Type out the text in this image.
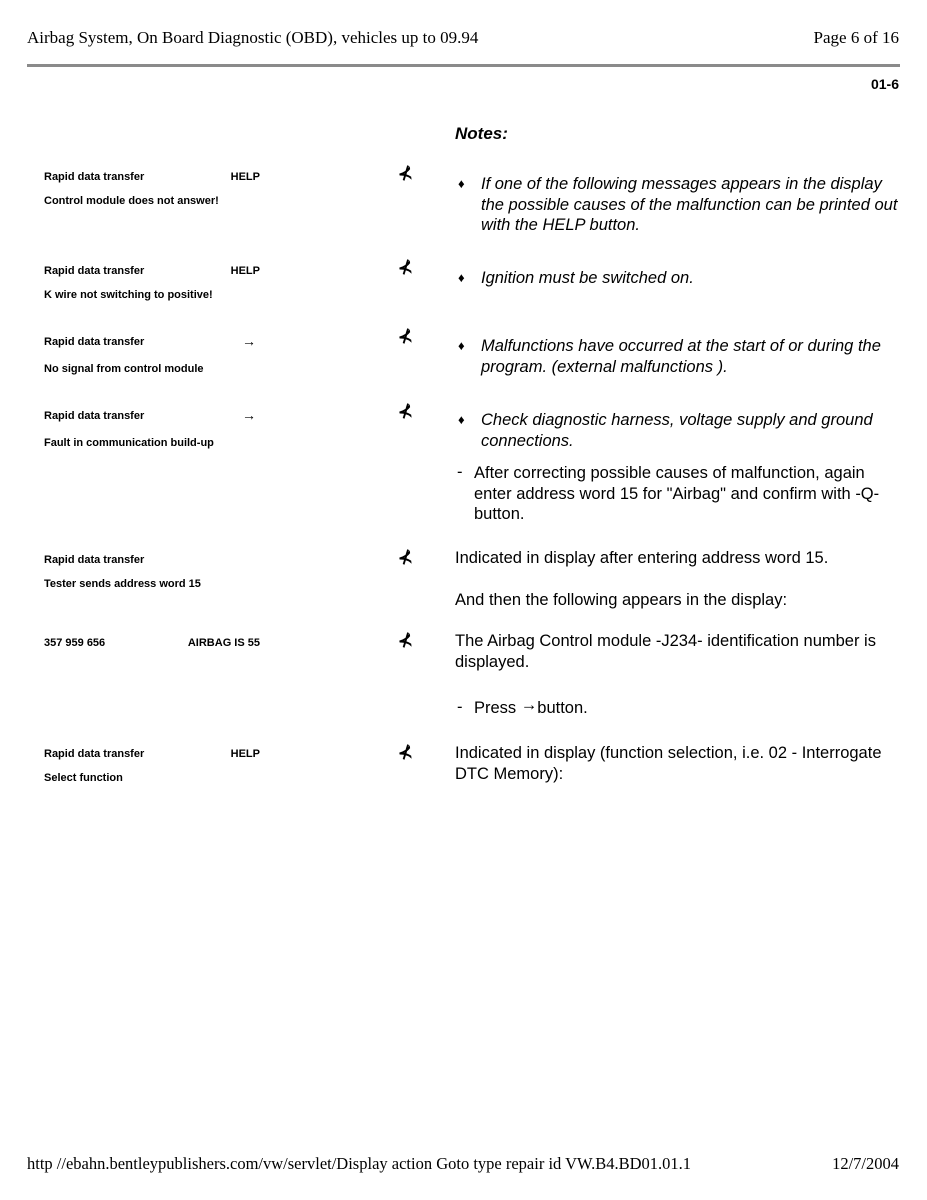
Airbag System, On Board Diagnostic (OBD), vehicles up to 09.94	Page 6 of 16
01-6
Notes:
Rapid data transfer	HELP
Control module does not answer!
Rapid data transfer	HELP
K wire not switching to positive!
Rapid data transfer	→
No signal from control module
Rapid data transfer	→
Fault in communication build-up
Rapid data transfer
Tester sends address word 15
357 959 656	AIRBAG IS 55
Rapid data transfer	HELP
Select function
⊀
⊀
⊀
⊀
⊀
⊀
⊀
♦ If one of the following messages appears in the display the possible causes of the malfunction can be printed out with the HELP button.
♦ Ignition must be switched on.
♦ Malfunctions have occurred at the start of or during the program. (external malfunctions ).
♦ Check diagnostic harness, voltage supply and ground connections.
- After correcting possible causes of malfunction, again enter address word 15 for "Airbag" and confirm with -Q- button.
Indicated in display after entering address word 15.
And then the following appears in the display:
The Airbag Control module -J234- identification number is displayed.
- Press →button.
Indicated in display (function selection, i.e. 02 - Interrogate DTC Memory):
http //ebahn.bentleypublishers.com/vw/servlet/Display action Goto type repair id VW.B4.BD01.01.1	12/7/2004
